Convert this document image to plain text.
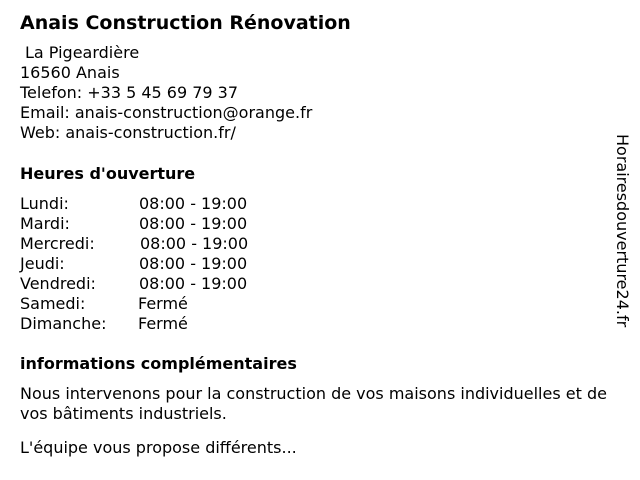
Anais Construction Rénovation
La Pigeardière
16560 Anais
Telefon: +33 5 45 69 79 37
Email: anais-construction@orange.fr
Web: anais-construction.fr/
Heures d'ouverture
Lundi:	08:00 - 19:00
Mardi:	08:00 - 19:00
Mercredi:	08:00 - 19:00
Jeudi:	08:00 - 19:00
Vendredi:	08:00 - 19:00
Samedi:	Fermé
Dimanche: Fermé
informations complémentaires
Nous intervenons pour la construction de vos maisons individuelles et de vos bâtiments industriels.
L'équipe vous propose différents...
Horairesdouverture24.fr
